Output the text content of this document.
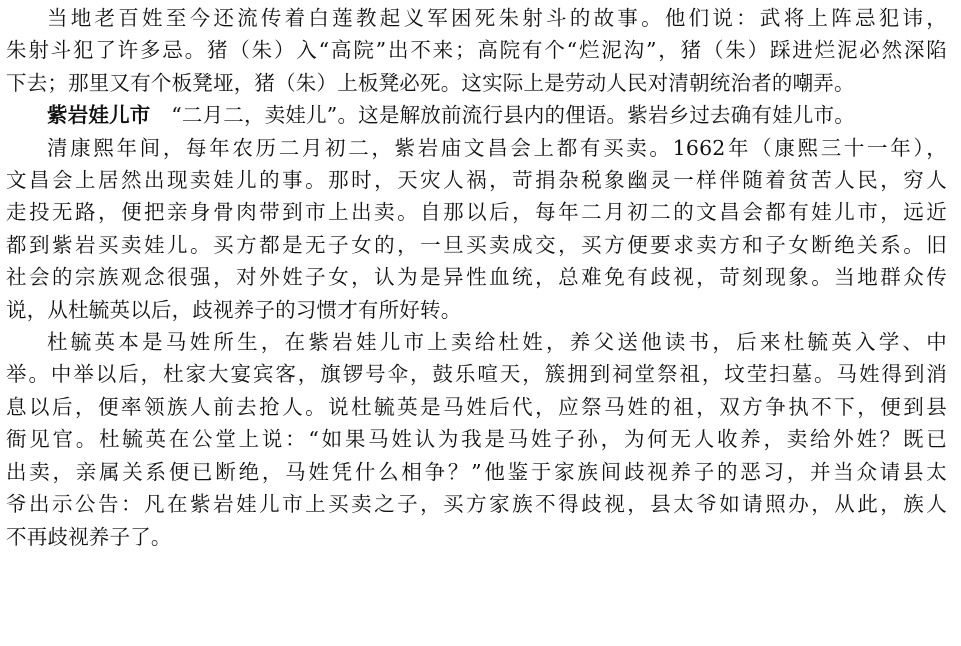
当地老百姓至今还流传着白莲教起义军困死朱射斗的故事。他们说：武将上阵忌犯讳，

朱射斗犯了许多忌。猪（朱）入“高院”出不来；高院有个“烂泥沟”，猪（朱）踩进烂泥必然深陷

下去；那里又有个板凳垭，猪（朱）上板凳必死。这实际上是劳动人民对清朝统治者的嘲弄。

紫岩娃儿市　 “二月二，卖娃儿”。这是解放前流行县内的俚语。紫岩乡过去确有娃儿市。

清康熙年间，每年农历二月初二，紫岩庙文昌会上都有买卖。1662年（康熙三十一年），

文昌会上居然出现卖娃儿的事。那时，天灾人祸，苛捐杂税象幽灵一样伴随着贫苦人民，穷人

走投无路，便把亲身骨肉带到市上出卖。自那以后，每年二月初二的文昌会都有娃儿市，远近

都到紫岩买卖娃儿。买方都是无子女的，一旦买卖成交，买方便要求卖方和子女断绝关系。旧

社会的宗族观念很强，对外姓子女，认为是异性血统，总难免有歧视，苛刻现象。当地群众传

说，从杜毓英以后，歧视养子的习惯才有所好转。

杜毓英本是马姓所生，在紫岩娃儿市上卖给杜姓，养父送他读书，后来杜毓英入学、中

举。中举以后，杜家大宴宾客，旗锣号伞，鼓乐喧天，簇拥到祠堂祭祖，坟茔扫墓。马姓得到消

息以后，便率领族人前去抢人。说杜毓英是马姓后代，应祭马姓的祖，双方争执不下，便到县

衙见官。杜毓英在公堂上说：“如果马姓认为我是马姓子孙，为何无人收养，卖给外姓？既已

出卖，亲属关系便已断绝，马姓凭什么相争？”他鉴于家族间歧视养子的恶习，并当众请县太

爷出示公告：凡在紫岩娃儿市上买卖之子，买方家族不得歧视，县太爷如请照办，从此，族人

不再歧视养子了。
